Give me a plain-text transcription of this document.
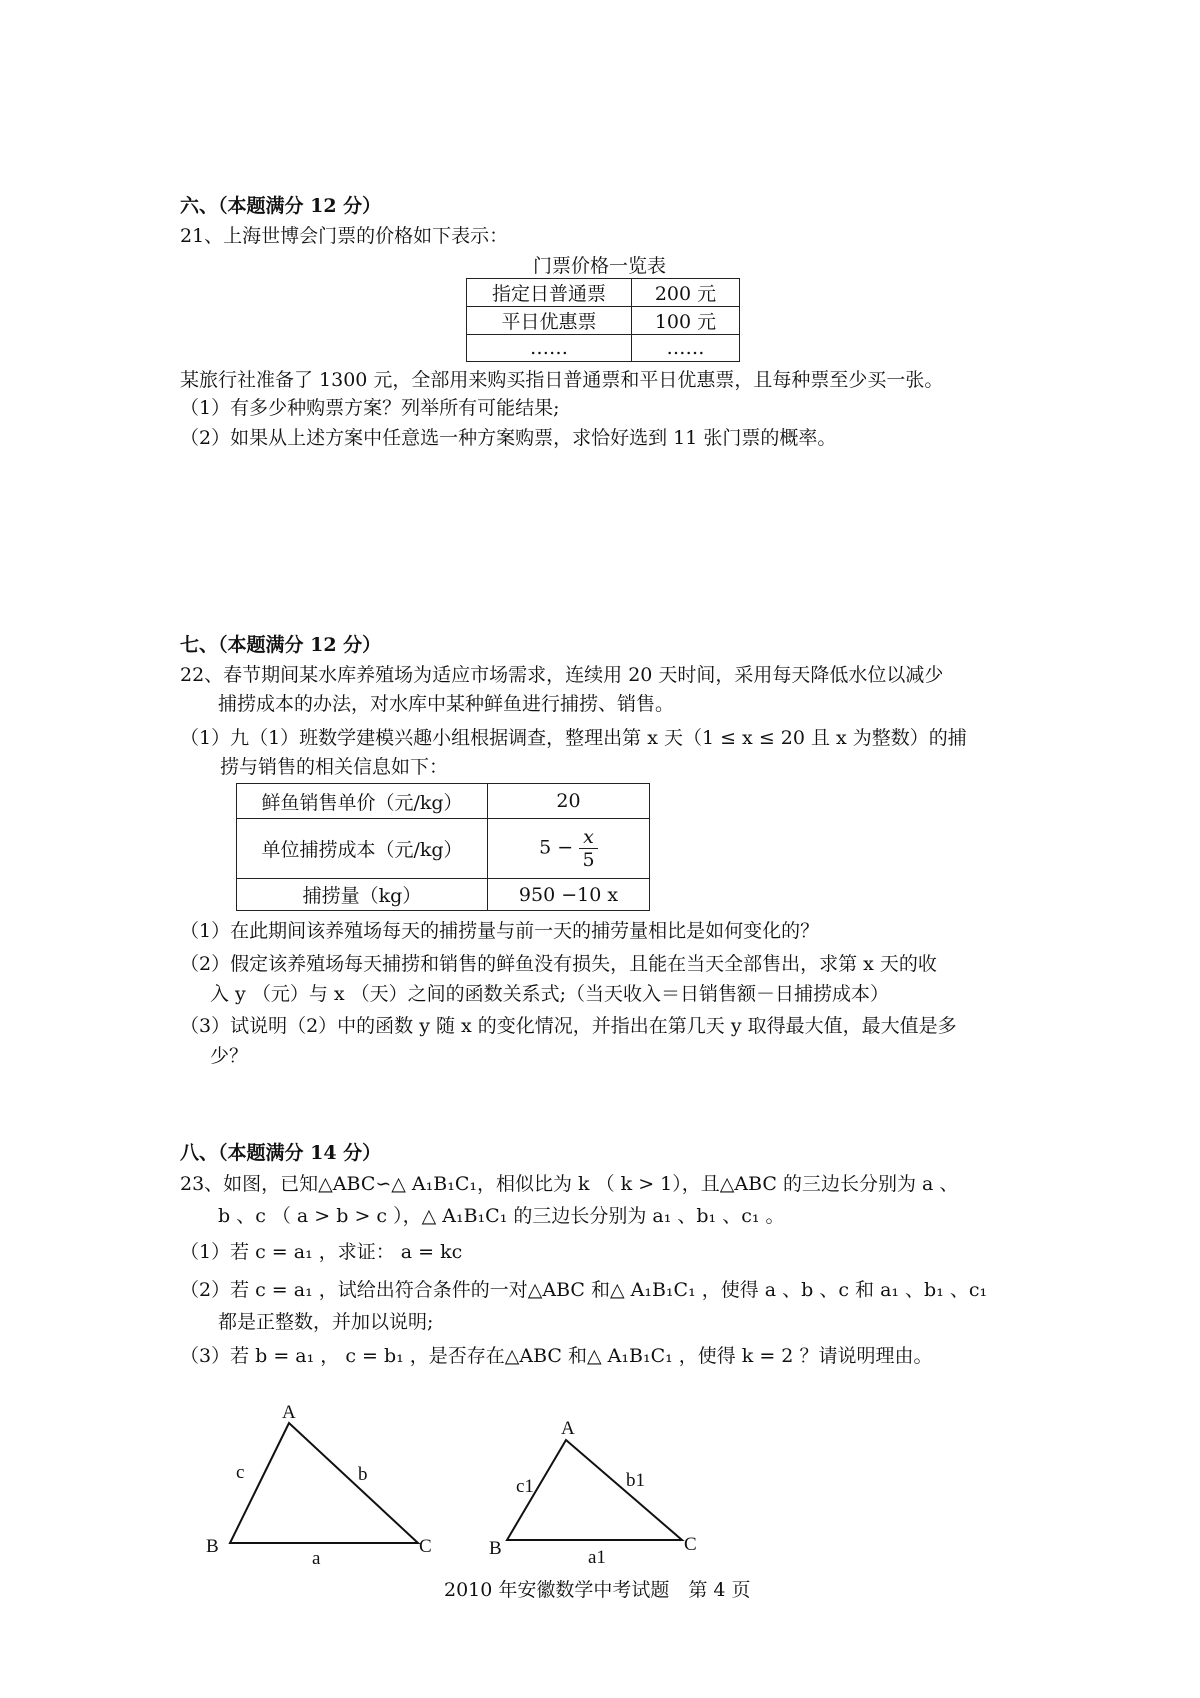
六、（本题满分 12 分）
21、上海世博会门票的价格如下表示：
门票价格一览表
指定日普通票	200 元
平日优惠票	100 元
……	……
某旅行社准备了 1300 元，全部用来购买指日普通票和平日优惠票，且每种票至少买一张。
（1）有多少种购票方案？列举所有可能结果;
（2）如果从上述方案中任意选一种方案购票，求恰好选到 11 张门票的概率。
七、（本题满分 12 分）
22、春节期间某水库养殖场为适应市场需求，连续用 20 天时间，采用每天降低水位以减少
捕捞成本的办法，对水库中某种鲜鱼进行捕捞、销售。
（1）九（1）班数学建模兴趣小组根据调查，整理出第 x 天（1 ≤ x ≤ 20 且 x 为整数）的捕
捞与销售的相关信息如下：
鲜鱼销售单价（元/kg）	20
单位捕捞成本（元/kg）	$5 - \frac{x}{5}$

捕捞量（kg）	950 −10 x
（1）在此期间该养殖场每天的捕捞量与前一天的捕劳量相比是如何变化的？
（2）假定该养殖场每天捕捞和销售的鲜鱼没有损失，且能在当天全部售出，求第 x 天的收
入 y （元）与 x （天）之间的函数关系式;（当天收入＝日销售额－日捕捞成本）
（3）试说明（2）中的函数 y 随 x 的变化情况，并指出在第几天 y 取得最大值，最大值是多
少？
八、（本题满分 14 分）
23、如图，已知△ABC∽△ A₁B₁C₁，相似比为 k （ k > 1），且△ABC 的三边长分别为 a 、
b 、c （ a > b > c ），△ A₁B₁C₁ 的三边长分别为 a₁ 、b₁ 、c₁ 。
（1）若 c = a₁ ，求证： a = kc
（2）若 c = a₁ ，试给出符合条件的一对△ABC 和△ A₁B₁C₁ ，使得 a 、b 、c 和 a₁ 、b₁ 、c₁
都是正整数，并加以说明;
（3）若 b = a₁ ， c = b₁ ，是否存在△ABC 和△ A₁B₁C₁ ，使得 k = 2 ？请说明理由。
A
B	C
c	b
a
A
B	C
c1	b1
a1
2010 年安徽数学中考试题　第 4 页
